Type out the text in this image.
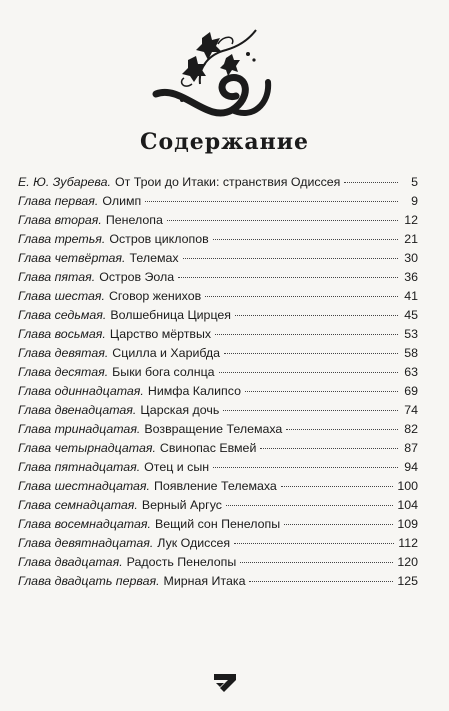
Содержание
Е. Ю. Зубарева. От Трои до Итаки: странствия Одиссея	5
Глава первая. Олимп	9
Глава вторая. Пенелопа	12
Глава третья. Остров циклопов	21
Глава четвёртая. Телемах	30
Глава пятая. Остров Эола	36
Глава шестая. Сговор женихов	41
Глава седьмая. Волшебница Цирцея	45
Глава восьмая. Царство мёртвых	53
Глава девятая. Сцилла и Харибда	58
Глава десятая. Быки бога солнца	63
Глава одиннадцатая. Нимфа Калипсо	69
Глава двенадцатая. Царская дочь	74
Глава тринадцатая. Возвращение Телемаха	82
Глава четырнадцатая. Свинопас Евмей	87
Глава пятнадцатая. Отец и сын	94
Глава шестнадцатая. Появление Телемаха	100
Глава семнадцатая. Верный Аргус	104
Глава восемнадцатая. Вещий сон Пенелопы	109
Глава девятнадцатая. Лук Одиссея	112
Глава двадцатая. Радость Пенелопы	120
Глава двадцать первая. Мирная Итака	125
